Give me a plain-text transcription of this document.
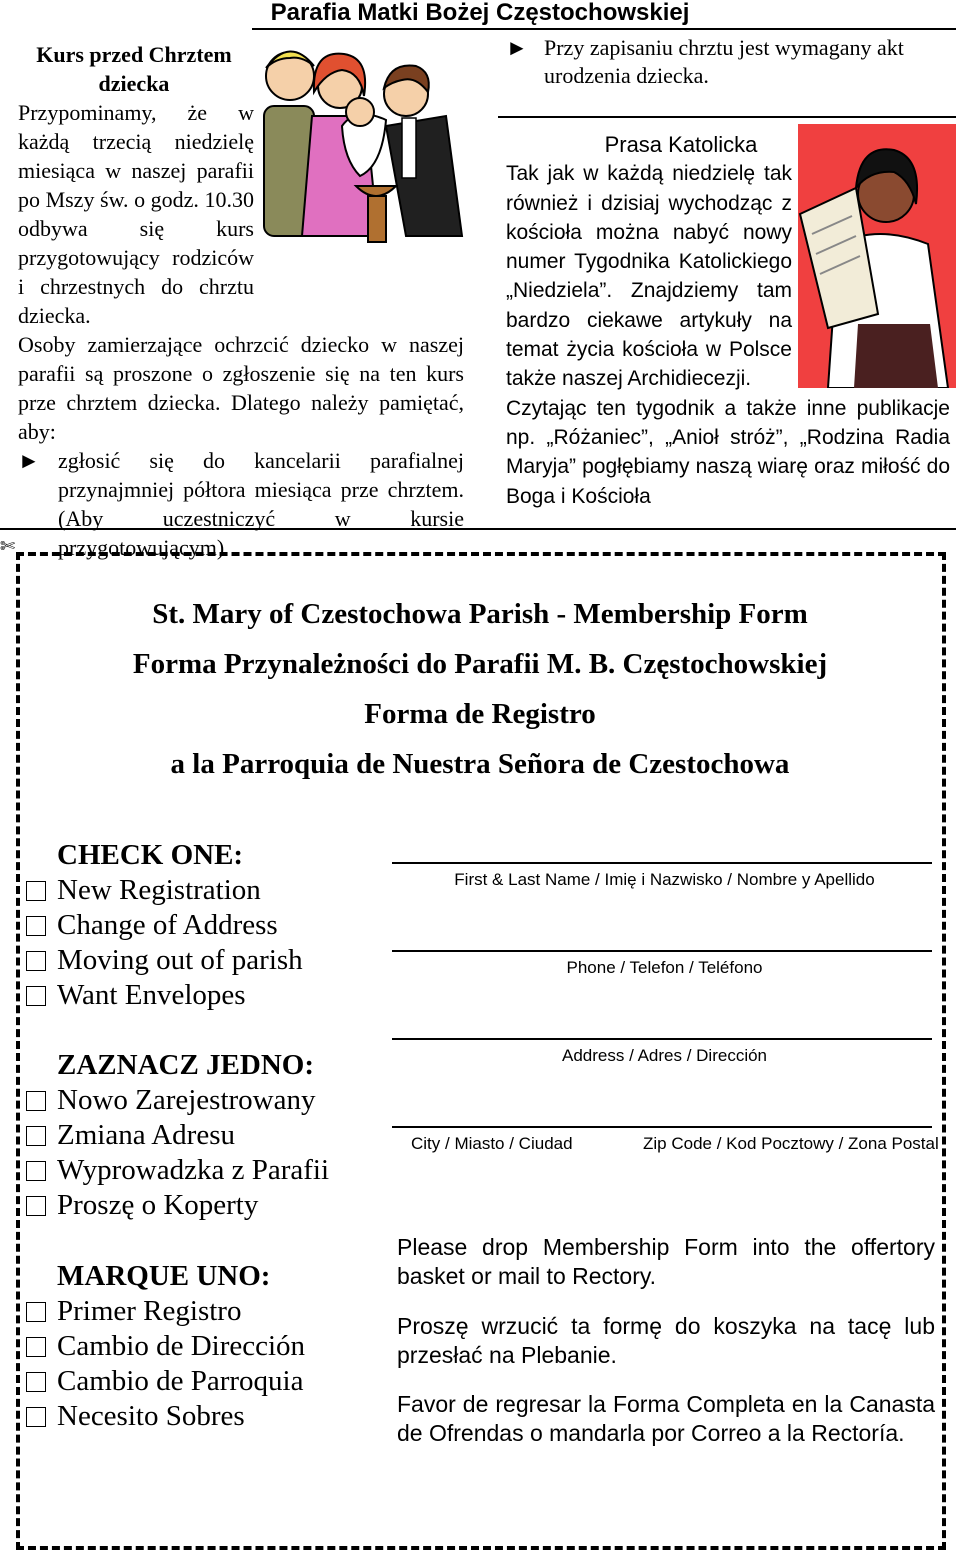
Parafia Matki Bożej Częstochowskiej
Kurs przed Chrztem dziecka

Przypominamy, że w każdą trzecią niedzielę miesiąca w naszej parafii po Mszy św. o godz. 10.30 odbywa się kurs przygotowujący rodziców i chrzestnych do chrztu dziecka.

Osoby zamierzające ochrzcić dziecko w naszej parafii są proszone o zgłoszenie się na ten kurs prze chrztem dziecka. Dlatego należy pamiętać, aby:

► zgłosić się do kancelarii parafialnej przynajmniej półtora miesiąca prze chrztem. (Aby uczestniczyć w kursie przygotowującym)
► Przy zapisaniu chrztu jest wymagany akt urodzenia dziecka.
Prasa Katolicka

Tak jak w każdą niedzielę tak również i dzisiaj wychodząc z kościoła można nabyć nowy numer Tygodnika Katolickiego „Niedziela”. Znajdziemy tam bardzo ciekawe artykuły na temat życia kościoła w Polsce także naszej Archidiecezji.

Czytając ten tygodnik a także inne publikacje np. „Różaniec”, „Anioł stróż”, „Rodzina Radia Maryja” pogłębiamy naszą wiarę oraz miłość do Boga i Kościoła

✄
St. Mary of Czestochowa Parish - Membership Form
Forma Przynależności do Parafii M. B. Częstochowskiej
Forma de Registro
a la Parroquia de Nuestra Señora de Czestochowa
CHECK ONE:
New Registration
Change of Address
Moving out of parish
Want Envelopes
ZAZNACZ JEDNO:
Nowo Zarejestrowany
Zmiana Adresu
Wyprowadzka z Parafii
Proszę o Koperty
MARQUE UNO:
Primer Registro
Cambio de Dirección
Cambio de Parroquia
Necesito Sobres
First & Last Name / Imię i Nazwisko / Nombre y Apellido
Phone / Telefon / Teléfono
Address / Adres / Dirección
City / Miasto / Ciudad	Zip Code / Kod Pocztowy / Zona Postal
Please drop Membership Form into the offertory basket or mail to Rectory.
Proszę wrzucić ta formę do koszyka na tacę lub przesłać na Plebanie.
Favor de regresar la Forma Completa en la Canasta de Ofrendas o mandarla por Correo a la Rectoría.
